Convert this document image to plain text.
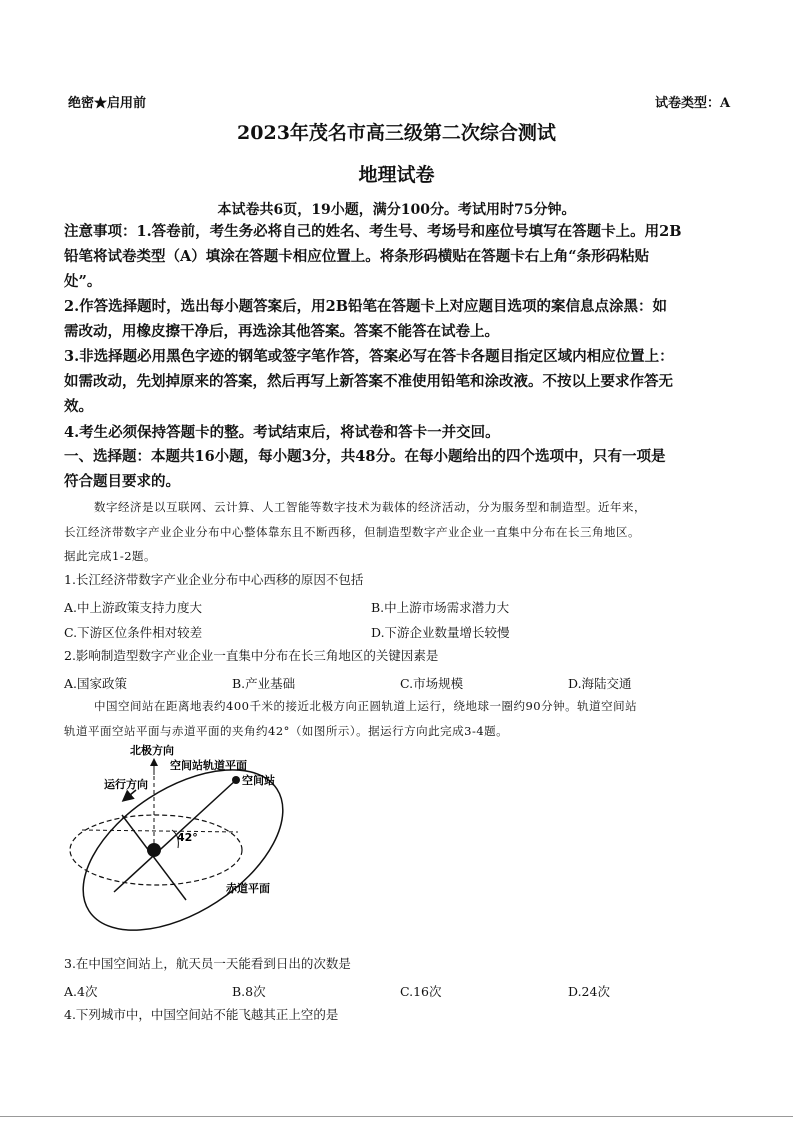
绝密★启用前	试卷类型：A
2023年茂名市高三级第二次综合测试
地理试卷
本试卷共6页，19小题，满分100分。考试用时75分钟。
注意事项：1.答卷前，考生务必将自己的姓名、考生号、考场号和座位号填写在答题卡上。用2B
铅笔将试卷类型（A）填涂在答题卡相应位置上。将条形码横贴在答题卡右上角“条形码粘贴
处”。
2.作答选择题时，选出每小题答案后，用2B铅笔在答题卡上对应题目选项的案信息点涂黑：如
需改动，用橡皮擦干净后，再选涂其他答案。答案不能答在试卷上。
3.非选择题必用黑色字迹的钢笔或签字笔作答，答案必写在答卡各题目指定区域内相应位置上：
如需改动，先划掉原来的答案，然后再写上新答案不准使用铅笔和涂改液。不按以上要求作答无
效。
4.考生必须保持答题卡的整。考试结束后，将试卷和答卡一并交回。
一、选择题：本题共16小题，每小题3分，共48分。在每小题给出的四个选项中，只有一项是
符合题目要求的。
数字经济是以互联网、云计算、人工智能等数字技术为载体的经济活动，分为服务型和制造型。近年来，
长江经济带数字产业企业分布中心整体靠东且不断西移，但制造型数字产业企业一直集中分布在长三角地区。
据此完成1-2题。
1.长江经济带数字产业企业分布中心西移的原因不包括
A.中上游政策支持力度大	B.中上游市场需求潜力大
C.下游区位条件相对较差	D.下游企业数量增长较慢
2.影响制造型数字产业企业一直集中分布在长三角地区的关键因素是
A.国家政策	B.产业基础	C.市场规模	D.海陆交通
中国空间站在距离地表约400千米的接近北极方向正圆轨道上运行，绕地球一圈约90分钟。轨道空间站
轨道平面空站平面与赤道平面的夹角约42°（如图所示）。据运行方向此完成3-4题。
北极方向
空间站轨道平面
空间站
运行方向
42°
赤道平面
3.在中国空间站上，航天员一天能看到日出的次数是
A.4次	B.8次	C.16次	D.24次
4.下列城市中，中国空间站不能飞越其正上空的是
